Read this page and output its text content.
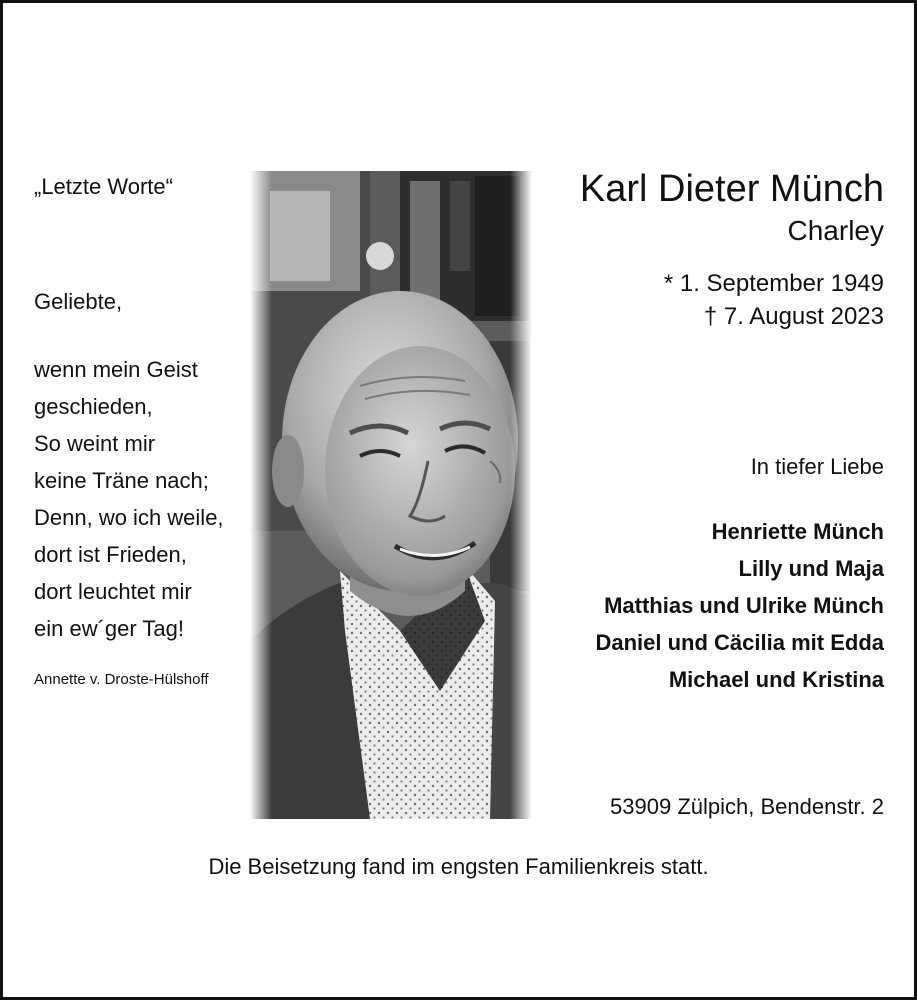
„Letzte Worte“
Geliebte,
wenn mein Geist
geschieden,
So weint mir
keine Träne nach;
Denn, wo ich weile,
dort ist Frieden,
dort leuchtet mir
ein ew´ger Tag!
Annette v. Droste-Hülshoff
Karl Dieter Münch
Charley
* 1. September 1949
† 7. August 2023
In tiefer Liebe
Henriette Münch
Lilly und Maja
Matthias und Ulrike Münch
Daniel und Cäcilia mit Edda
Michael und Kristina
53909 Zülpich, Bendenstr. 2
Die Beisetzung fand im engsten Familienkreis statt.
